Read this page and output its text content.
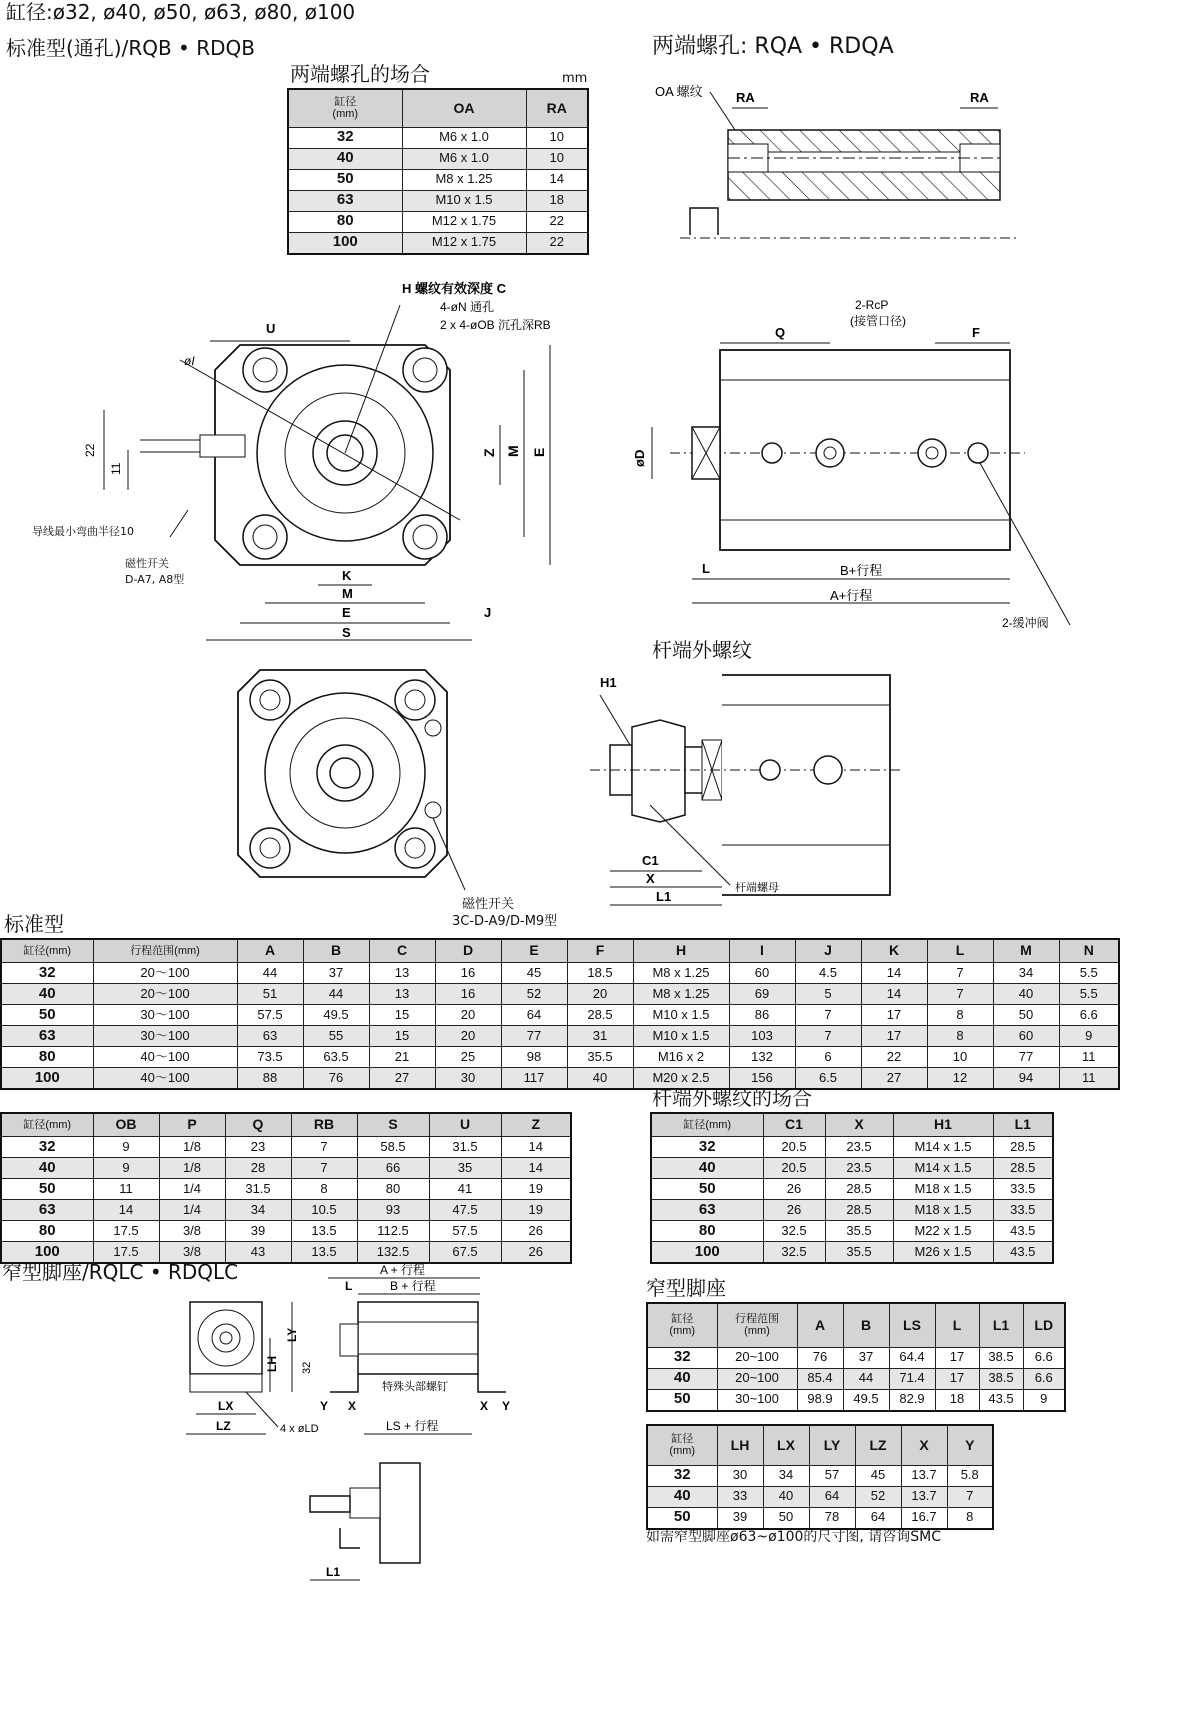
缸径:ø32, ø40, ø50, ø63, ø80, ø100
标准型(通孔)/RQB • RDQB	两端螺孔: RQA • RDQA
两端螺孔的场合	mm
缸径
(mm)	OA	RA
32	M6 x 1.0	10
40	M6 x 1.0	10
50	M8 x 1.25	14
63	M10 x 1.5	18
80	M12 x 1.75	22
100	M12 x 1.75	22
OA 螺纹	RA	RA
H 螺纹有效深度 C
4-øN 通孔
2 x 4-øOB 沉孔深RB
U
øI
22
11
Z M E
K
M
E	J
S
导线最小弯曲半径10
磁性开关
D-A7, A8型
2-RcP
(接管口径)
Q	F
øD
L	B+行程
A+行程
2-缓冲阀
杆端外螺纹
H1
C1
X
L1
杆端螺母
磁性开关
3C-D-A9/D-M9型
标准型
缸径(mm)	行程范围(mm)	A	B	C	D	E	F	H	I	J	K	L	M	N
32	20～100	44	37	13	16	45	18.5	M8 x 1.25	60	4.5	14	7	34	5.5
40	20～100	51	44	13	16	52	20	M8 x 1.25	69	5	14	7	40	5.5
50	30～100	57.5	49.5	15	20	64	28.5	M10 x 1.5	86	7	17	8	50	6.6
63	30～100	63	55	15	20	77	31	M10 x 1.5	103	7	17	8	60	9
80	40～100	73.5	63.5	21	25	98	35.5	M16 x 2	132	6	22	10	77	11
100	40～100	88	76	27	30	117	40	M20 x 2.5	156	6.5	27	12	94	11
缸径(mm)	OB	P	Q	RB	S	U	Z
32	9	1/8	23	7	58.5	31.5	14
40	9	1/8	28	7	66	35	14
50	11	1/4	31.5	8	80	41	19
63	14	1/4	34	10.5	93	47.5	19
80	17.5	3/8	39	13.5	112.5	57.5	26
100	17.5	3/8	43	13.5	132.5	67.5	26
杆端外螺纹的场合
缸径(mm)	C1	X	H1	L1
32	20.5	23.5	M14 x 1.5	28.5
40	20.5	23.5	M14 x 1.5	28.5
50	26	28.5	M18 x 1.5	33.5
63	26	28.5	M18 x 1.5	33.5
80	32.5	35.5	M22 x 1.5	43.5
100	32.5	35.5	M26 x 1.5	43.5
窄型脚座/RQLC • RDQLC	A + 行程
B + 行程
L
LY
LH
LX
LZ	4 x øLD
32
特殊头部螺钉
Y X	X Y
LS + 行程
L1
窄型脚座
缸径
(mm)	行程范围
(mm)	A	B	LS	L	L1	LD
32	20~100	76	37	64.4	17	38.5	6.6
40	20~100	85.4	44	71.4	17	38.5	6.6
50	30~100	98.9	49.5	82.9	18	43.5	9
缸径
(mm)	LH	LX	LY	LZ	X	Y
32	30	34	57	45	13.7	5.8
40	33	40	64	52	13.7	7
50	39	50	78	64	16.7	8
如需窄型脚座ø63~ø100的尺寸图, 请咨询SMC
